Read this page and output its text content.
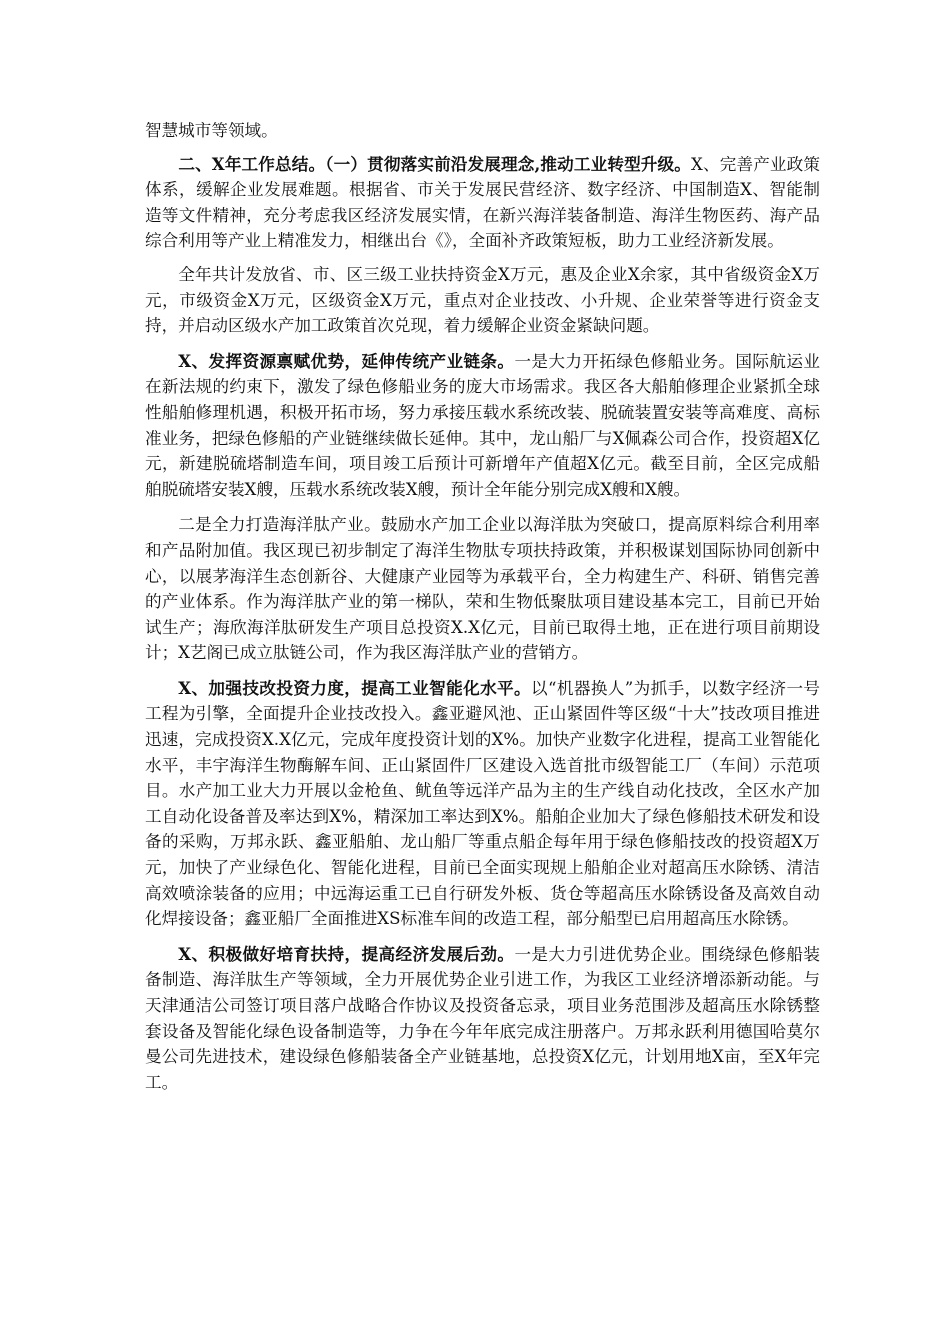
智慧城市等领域。

二、X年工作总结。（一）贯彻落实前沿发展理念,推动工业转型升级。X、完善产业政策体系，缓解企业发展难题。根据省、市关于发展民营经济、数字经济、中国制造X、智能制造等文件精神，充分考虑我区经济发展实情，在新兴海洋装备制造、海洋生物医药、海产品综合利用等产业上精准发力，相继出台《》，全面补齐政策短板，助力工业经济新发展。

全年共计发放省、市、区三级工业扶持资金X万元，惠及企业X余家，其中省级资金X万元，市级资金X万元，区级资金X万元，重点对企业技改、小升规、企业荣誉等进行资金支持，并启动区级水产加工政策首次兑现，着力缓解企业资金紧缺问题。

X、发挥资源禀赋优势，延伸传统产业链条。一是大力开拓绿色修船业务。国际航运业在新法规的约束下，激发了绿色修船业务的庞大市场需求。我区各大船舶修理企业紧抓全球性船舶修理机遇，积极开拓市场，努力承接压载水系统改装、脱硫装置安装等高难度、高标准业务，把绿色修船的产业链继续做长延伸。其中，龙山船厂与X佩森公司合作，投资超X亿元，新建脱硫塔制造车间，项目竣工后预计可新增年产值超X亿元。截至目前，全区完成船舶脱硫塔安装X艘，压载水系统改装X艘，预计全年能分别完成X艘和X艘。

二是全力打造海洋肽产业。鼓励水产加工企业以海洋肽为突破口，提高原料综合利用率和产品附加值。我区现已初步制定了海洋生物肽专项扶持政策，并积极谋划国际协同创新中心，以展茅海洋生态创新谷、大健康产业园等为承载平台，全力构建生产、科研、销售完善的产业体系。作为海洋肽产业的第一梯队，荣和生物低聚肽项目建设基本完工，目前已开始试生产；海欣海洋肽研发生产项目总投资X.X亿元，目前已取得土地，正在进行项目前期设计；X艺阁已成立肽链公司，作为我区海洋肽产业的营销方。

X、加强技改投资力度，提高工业智能化水平。以“机器换人”为抓手，以数字经济一号工程为引擎，全面提升企业技改投入。鑫亚避风池、正山紧固件等区级“十大”技改项目推进迅速，完成投资X.X亿元，完成年度投资计划的X%。加快产业数字化进程，提高工业智能化水平，丰宇海洋生物酶解车间、正山紧固件厂区建设入选首批市级智能工厂（车间）示范项目。水产加工业大力开展以金枪鱼、鱿鱼等远洋产品为主的生产线自动化技改，全区水产加工自动化设备普及率达到X%，精深加工率达到X%。船舶企业加大了绿色修船技术研发和设备的采购，万邦永跃、鑫亚船舶、龙山船厂等重点船企每年用于绿色修船技改的投资超X万元，加快了产业绿色化、智能化进程，目前已全面实现规上船舶企业对超高压水除锈、清洁高效喷涂装备的应用；中远海运重工已自行研发外板、货仓等超高压水除锈设备及高效自动化焊接设备；鑫亚船厂全面推进XS标准车间的改造工程，部分船型已启用超高压水除锈。

X、积极做好培育扶持，提高经济发展后劲。一是大力引进优势企业。围绕绿色修船装备制造、海洋肽生产等领域，全力开展优势企业引进工作，为我区工业经济增添新动能。与天津通洁公司签订项目落户战略合作协议及投资备忘录，项目业务范围涉及超高压水除锈整套设备及智能化绿色设备制造等，力争在今年年底完成注册落户。万邦永跃利用德国哈莫尔曼公司先进技术，建设绿色修船装备全产业链基地，总投资X亿元，计划用地X亩，至X年完工。
